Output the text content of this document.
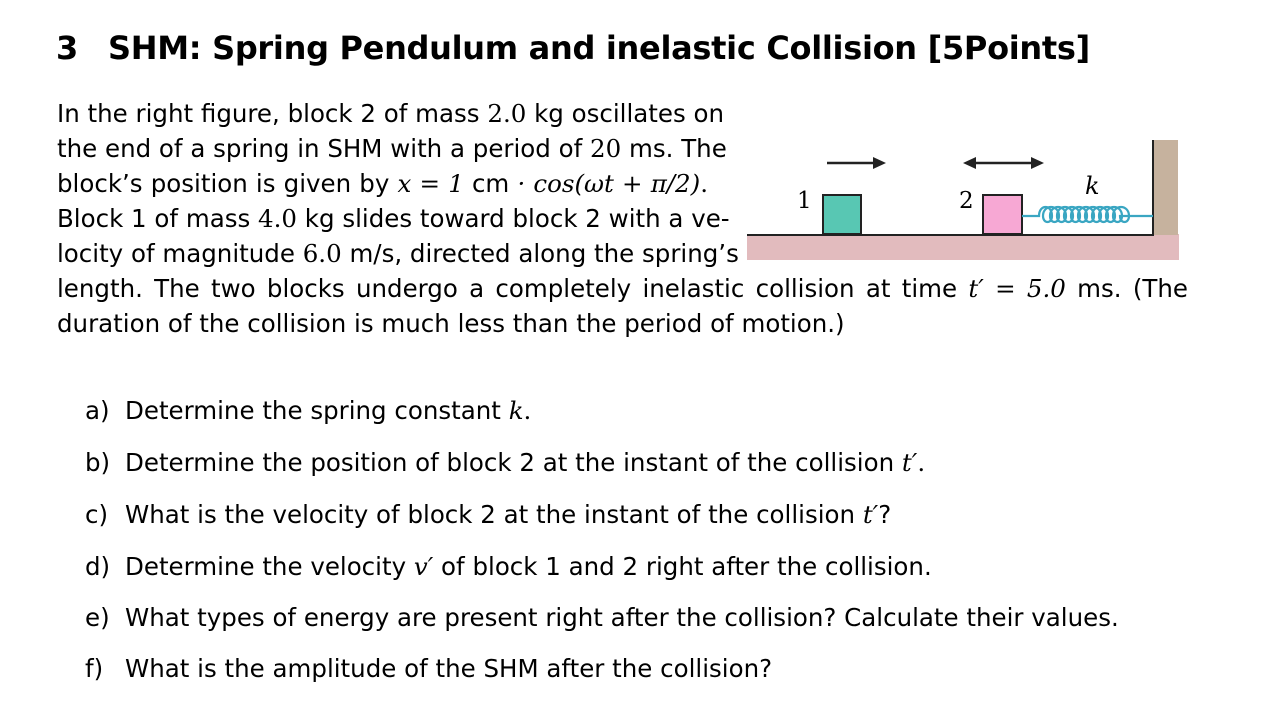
3 SHM: Spring Pendulum and inelastic Collision [5Points]
In the right figure, block 2 of mass 2.0 kg oscillates on
the end of a spring in SHM with a period of 20 ms. The
block’s position is given by x = 1 cm · cos(ωt + π/2).
Block 1 of mass 4.0 kg slides toward block 2 with a ve-
locity of magnitude 6.0 m/s, directed along the spring’s
length. The two blocks undergo a completely inelastic collision at time t′ = 5.0 ms. (The
duration of the collision is much less than the period of motion.)
1	2
k
a) Determine the spring constant k.
b) Determine the position of block 2 at the instant of the collision t′.
c) What is the velocity of block 2 at the instant of the collision t′?
d) Determine the velocity v′ of block 1 and 2 right after the collision.
e) What types of energy are present right after the collision? Calculate their values.
f) What is the amplitude of the SHM after the collision?
